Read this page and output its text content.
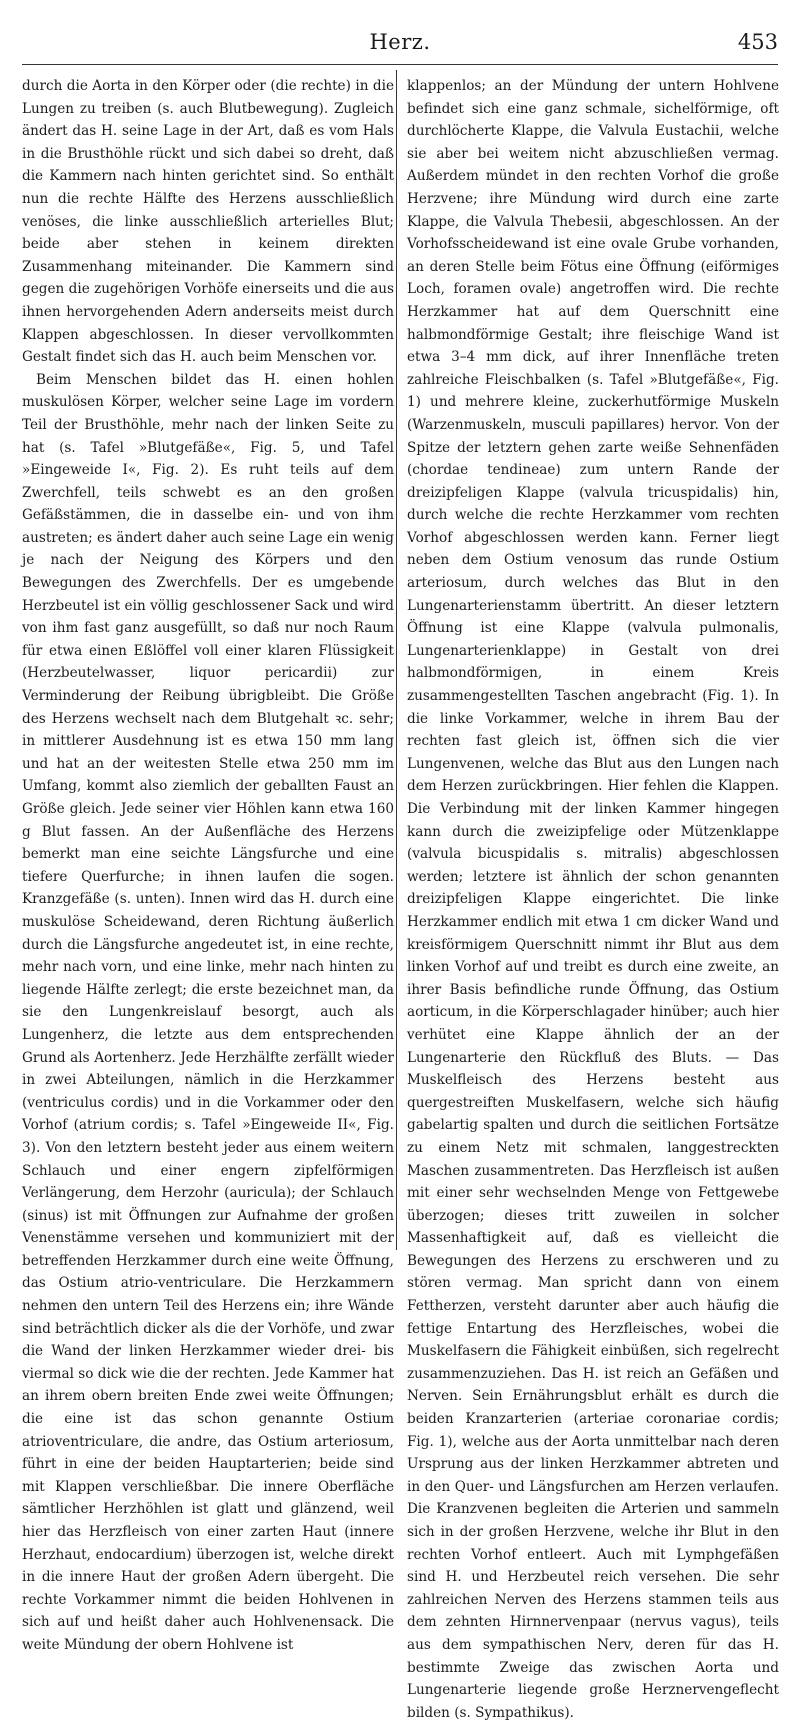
Herz.	453

durch die Aorta in den Körper oder (die rechte) in die Lungen zu treiben (s. auch Blutbewegung). Zugleich ändert das H. seine Lage in der Art, daß es vom Hals in die Brusthöhle rückt und sich dabei so dreht, daß die Kammern nach hinten gerichtet sind. So enthält nun die rechte Hälfte des Herzens ausschließlich venöses, die linke ausschließlich arterielles Blut; beide aber stehen in keinem direkten Zusammenhang miteinander. Die Kammern sind gegen die zugehörigen Vorhöfe einerseits und die aus ihnen hervorgehenden Adern anderseits meist durch Klappen abgeschlossen. In dieser vervollkommten Gestalt findet sich das H. auch beim Menschen vor.

Beim Menschen bildet das H. einen hohlen muskulösen Körper, welcher seine Lage im vordern Teil der Brusthöhle, mehr nach der linken Seite zu hat (s. Tafel »Blutgefäße«, Fig. 5, und Tafel »Eingeweide I«, Fig. 2). Es ruht teils auf dem Zwerchfell, teils schwebt es an den großen Gefäßstämmen, die in dasselbe ein- und von ihm austreten; es ändert daher auch seine Lage ein wenig je nach der Neigung des Körpers und den Bewegungen des Zwerchfells. Der es umgebende Herzbeutel ist ein völlig geschlossener Sack und wird von ihm fast ganz ausgefüllt, so daß nur noch Raum für etwa einen Eßlöffel voll einer klaren Flüssigkeit (Herzbeutelwasser, liquor pericardii) zur Verminderung der Reibung übrigbleibt. Die Größe des Herzens wechselt nach dem Blutgehalt ꝛc. sehr; in mittlerer Ausdehnung ist es etwa 150 mm lang und hat an der weitesten Stelle etwa 250 mm im Umfang, kommt also ziemlich der geballten Faust an Größe gleich. Jede seiner vier Höhlen kann etwa 160 g Blut fassen. An der Außenfläche des Herzens bemerkt man eine seichte Längsfurche und eine tiefere Querfurche; in ihnen laufen die sogen. Kranzgefäße (s. unten). Innen wird das H. durch eine muskulöse Scheidewand, deren Richtung äußerlich durch die Längsfurche angedeutet ist, in eine rechte, mehr nach vorn, und eine linke, mehr nach hinten zu liegende Hälfte zerlegt; die erste bezeichnet man, da sie den Lungenkreislauf besorgt, auch als Lungenherz, die letzte aus dem entsprechenden Grund als Aortenherz. Jede Herzhälfte zerfällt wieder in zwei Abteilungen, nämlich in die Herzkammer (ventriculus cordis) und in die Vorkammer oder den Vorhof (atrium cordis; s. Tafel »Eingeweide II«, Fig. 3). Von den letztern besteht jeder aus einem weitern Schlauch und einer engern zipfelförmigen Verlängerung, dem Herzohr (auricula); der Schlauch (sinus) ist mit Öffnungen zur Aufnahme der großen Venenstämme versehen und kommuniziert mit der betreffenden Herzkammer durch eine weite Öffnung, das Ostium atrio-ventriculare. Die Herzkammern nehmen den untern Teil des Herzens ein; ihre Wände sind beträchtlich dicker als die der Vorhöfe, und zwar die Wand der linken Herzkammer wieder drei- bis viermal so dick wie die der rechten. Jede Kammer hat an ihrem obern breiten Ende zwei weite Öffnungen; die eine ist das schon genannte Ostium atrioventriculare, die andre, das Ostium arteriosum, führt in eine der beiden Hauptarterien; beide sind mit Klappen verschließbar. Die innere Oberfläche sämtlicher Herzhöhlen ist glatt und glänzend, weil hier das Herzfleisch von einer zarten Haut (innere Herzhaut, endocardium) überzogen ist, welche direkt in die innere Haut der großen Adern übergeht. Die rechte Vorkammer nimmt die beiden Hohlvenen in sich auf und heißt daher auch Hohlvenensack. Die weite Mündung der obern Hohlvene ist

klappenlos; an der Mündung der untern Hohlvene befindet sich eine ganz schmale, sichelförmige, oft durchlöcherte Klappe, die Valvula Eustachii, welche sie aber bei weitem nicht abzuschließen vermag. Außerdem mündet in den rechten Vorhof die große Herzvene; ihre Mündung wird durch eine zarte Klappe, die Valvula Thebesii, abgeschlossen. An der Vorhofsscheidewand ist eine ovale Grube vorhanden, an deren Stelle beim Fötus eine Öffnung (eiförmiges Loch, foramen ovale) angetroffen wird. Die rechte Herzkammer hat auf dem Querschnitt eine halbmondförmige Gestalt; ihre fleischige Wand ist etwa 3–4 mm dick, auf ihrer Innenfläche treten zahlreiche Fleischbalken (s. Tafel »Blutgefäße«, Fig. 1) und mehrere kleine, zuckerhutförmige Muskeln (Warzenmuskeln, musculi papillares) hervor. Von der Spitze der letztern gehen zarte weiße Sehnenfäden (chordae tendineae) zum untern Rande der dreizipfeligen Klappe (valvula tricuspidalis) hin, durch welche die rechte Herzkammer vom rechten Vorhof abgeschlossen werden kann. Ferner liegt neben dem Ostium venosum das runde Ostium arteriosum, durch welches das Blut in den Lungenarterienstamm übertritt. An dieser letztern Öffnung ist eine Klappe (valvula pulmonalis, Lungenarterienklappe) in Gestalt von drei halbmondförmigen, in einem Kreis zusammengestellten Taschen angebracht (Fig. 1). In die linke Vorkammer, welche in ihrem Bau der rechten fast gleich ist, öffnen sich die vier Lungenvenen, welche das Blut aus den Lungen nach dem Herzen zurückbringen. Hier fehlen die Klappen. Die Verbindung mit der linken Kammer hingegen kann durch die zweizipfelige oder Mützenklappe (valvula bicuspidalis s. mitralis) abgeschlossen werden; letztere ist ähnlich der schon genannten dreizipfeligen Klappe eingerichtet. Die linke Herzkammer endlich mit etwa 1 cm dicker Wand und kreisförmigem Querschnitt nimmt ihr Blut aus dem linken Vorhof auf und treibt es durch eine zweite, an ihrer Basis befindliche runde Öffnung, das Ostium aorticum, in die Körperschlagader hinüber; auch hier verhütet eine Klappe ähnlich der an der Lungenarterie den Rückfluß des Bluts. — Das Muskelfleisch des Herzens besteht aus quergestreiften Muskelfasern, welche sich häufig gabelartig spalten und durch die seitlichen Fortsätze zu einem Netz mit schmalen, langgestreckten Maschen zusammentreten. Das Herzfleisch ist außen mit einer sehr wechselnden Menge von Fettgewebe überzogen; dieses tritt zuweilen in solcher Massenhaftigkeit auf, daß es vielleicht die Bewegungen des Herzens zu erschweren und zu stören vermag. Man spricht dann von einem Fettherzen, versteht darunter aber auch häufig die fettige Entartung des Herzfleisches, wobei die Muskelfasern die Fähigkeit einbüßen, sich regelrecht zusammenzuziehen. Das H. ist reich an Gefäßen und Nerven. Sein Ernährungsblut erhält es durch die beiden Kranzarterien (arteriae coronariae cordis; Fig. 1), welche aus der Aorta unmittelbar nach deren Ursprung aus der linken Herzkammer abtreten und in den Quer- und Längsfurchen am Herzen verlaufen. Die Kranzvenen begleiten die Arterien und sammeln sich in der großen Herzvene, welche ihr Blut in den rechten Vorhof entleert. Auch mit Lymphgefäßen sind H. und Herzbeutel reich versehen. Die sehr zahlreichen Nerven des Herzens stammen teils aus dem zehnten Hirnnervenpaar (nervus vagus), teils aus dem sympathischen Nerv, deren für das H. bestimmte Zweige das zwischen Aorta und Lungenarterie liegende große Herznervengeflecht bilden (s. Sympathikus).
